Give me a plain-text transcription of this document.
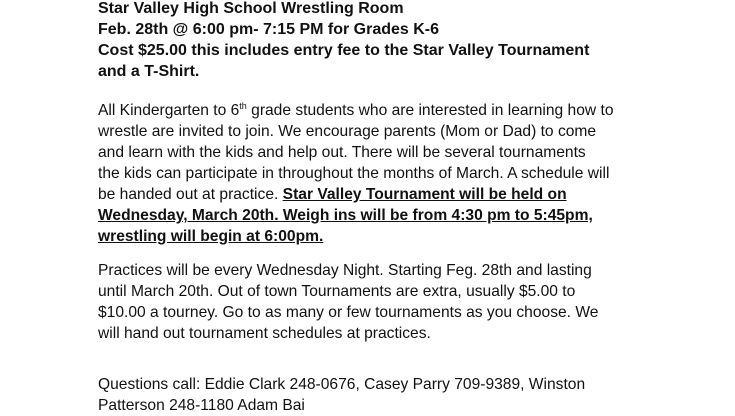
Star Valley High School Wrestling Room
Feb. 28th @ 6:00 pm- 7:15 PM for Grades K-6
Cost $25.00 this includes entry fee to the Star Valley Tournament
and a T-Shirt.
All Kindergarten to 6th grade students who are interested in learning how to
wrestle are invited to join. We encourage parents (Mom or Dad) to come
and learn with the kids and help out. There will be several tournaments
the kids can participate in throughout the months of March. A schedule will
be handed out at practice. Star Valley Tournament will be held on
Wednesday, March 20th. Weigh ins will be from 4:30 pm to 5:45pm,
wrestling will begin at 6:00pm.
Practices will be every Wednesday Night. Starting Feg. 28th and lasting
until March 20th. Out of town Tournaments are extra, usually $5.00 to
$10.00 a tourney. Go to as many or few tournaments as you choose. We
will hand out tournament schedules at practices.
Questions call: Eddie Clark 248-0676, Casey Parry 709-9389, Winston
Patterson 248-1180 Adam Bai
